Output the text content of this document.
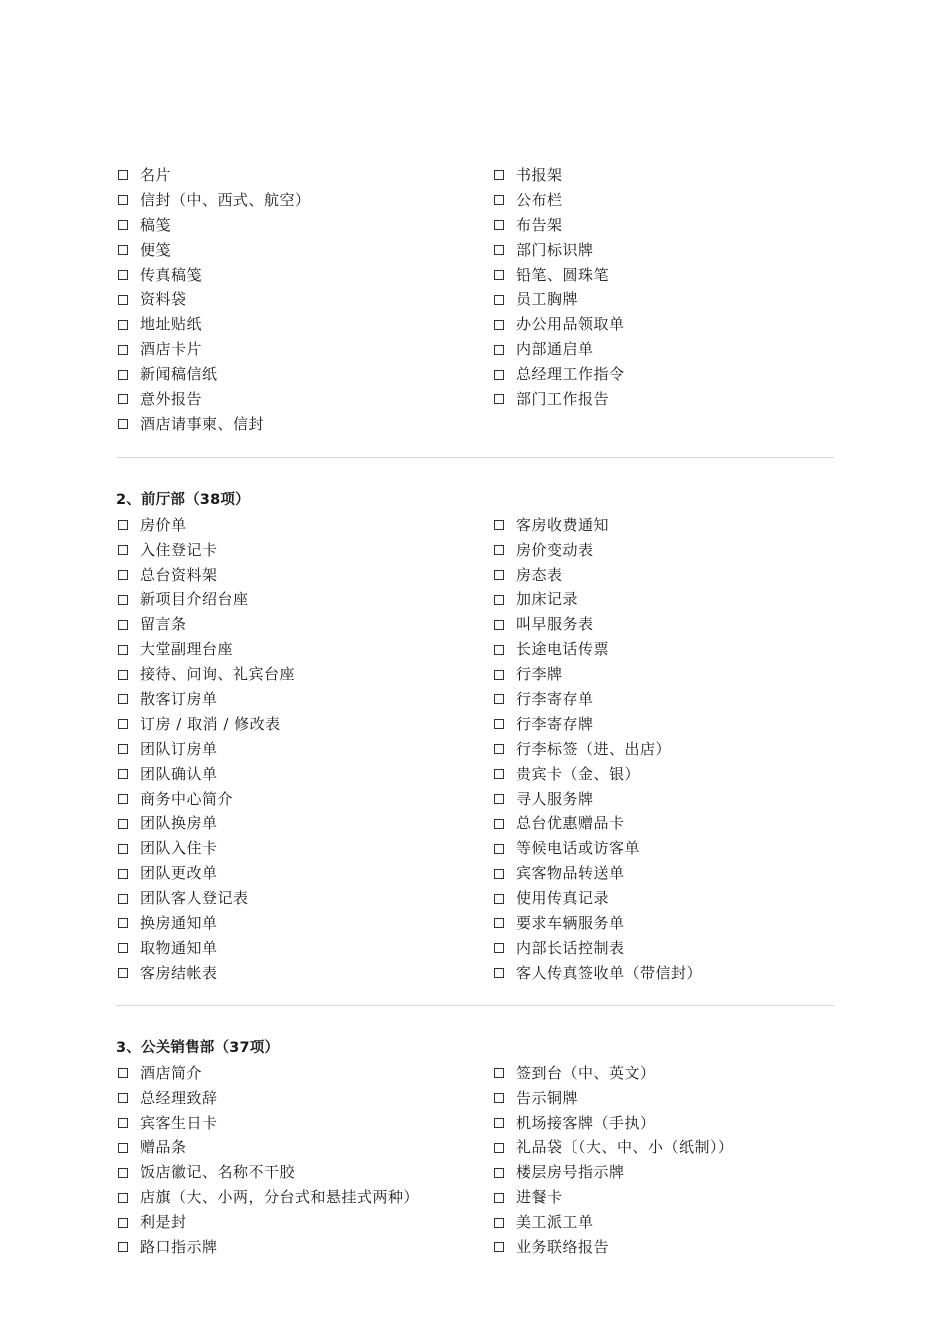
名片
信封（中、西式、航空）
稿笺
便笺
传真稿笺
资料袋
地址贴纸
酒店卡片
新闻稿信纸
意外报告
酒店请事柬、信封
书报架
公布栏
布告架
部门标识牌
铅笔、圆珠笔
员工胸牌
办公用品领取单
内部通启单
总经理工作指令
部门工作报告
2、前厅部（38项）
房价单
入住登记卡
总台资料架
新项目介绍台座
留言条
大堂副理台座
接待、问询、礼宾台座
散客订房单
订房 / 取消 / 修改表
团队订房单
团队确认单
商务中心简介
团队换房单
团队入住卡
团队更改单
团队客人登记表
换房通知单
取物通知单
客房结帐表
客房收费通知
房价变动表
房态表
加床记录
叫早服务表
长途电话传票
行李牌
行李寄存单
行李寄存牌
行李标签（进、出店）
贵宾卡（金、银）
寻人服务牌
总台优惠赠品卡
等候电话或访客单
宾客物品转送单
使用传真记录
要求车辆服务单
内部长话控制表
客人传真签收单（带信封）
3、公关销售部（37项）
酒店简介
总经理致辞
宾客生日卡
赠品条
饭店徽记、名称不干胶
店旗（大、小两，分台式和悬挂式两种）
利是封
路口指示牌
签到台（中、英文）
告示铜牌
机场接客牌（手执）
礼品袋〔（大、中、小（纸制））
楼层房号指示牌
进餐卡
美工派工单
业务联络报告
